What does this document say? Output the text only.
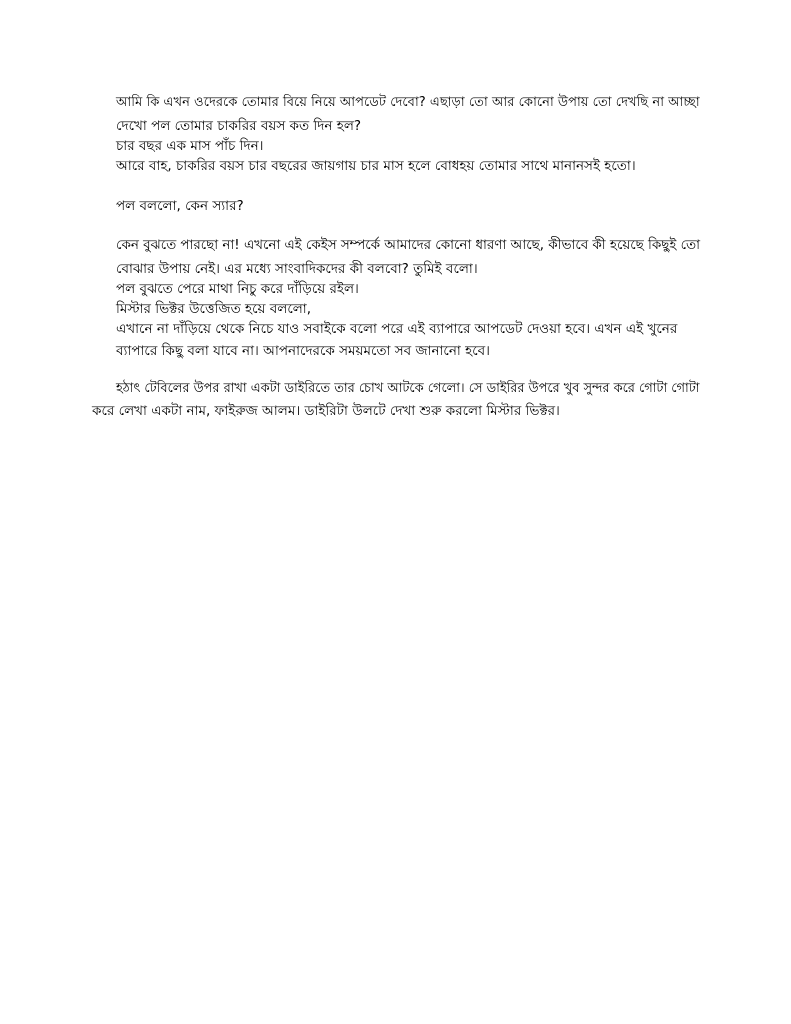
আমি কি এখন ওদেরকে তোমার বিয়ে নিয়ে আপডেট দেবো? এছাড়া তো আর কোনো উপায় তো দেখছি না আচ্ছা
দেখো পল তোমার চাকরির বয়স কত দিন হল?
চার বছর এক মাস পাঁচ দিন।
আরে বাহ, চাকরির বয়স চার বছরের জায়গায় চার মাস হলে বোধহয় তোমার সাথে মানানসই হতো।
পল বললো, কেন স্যার?
কেন বুঝতে পারছো না! এখনো এই কেইস সম্পর্কে আমাদের কোনো ধারণা আছে, কীভাবে কী হয়েছে কিছুই তো
বোঝার উপায় নেই। এর মধ্যে সাংবাদিকদের কী বলবো? তুমিই বলো।
পল বুঝতে পেরে মাথা নিচু করে দাঁড়িয়ে রইল।
মিস্টার ভিক্টর উত্তেজিত হয়ে বললো,
এখানে না দাঁড়িয়ে থেকে নিচে যাও সবাইকে বলো পরে এই ব্যাপারে আপডেট দেওয়া হবে। এখন এই খুনের
ব্যাপারে কিছু বলা যাবে না। আপনাদেরকে সময়মতো সব জানানো হবে।
হঠাৎ টেবিলের উপর রাখা একটা ডাইরিতে তার চোখ আটকে গেলো। সে ডাইরির উপরে খুব সুন্দর করে গোটা গোটা
করে লেখা একটা নাম, ফাইরুজ আলম। ডাইরিটা উলটে দেখা শুরু করলো মিস্টার ভিক্টর।
